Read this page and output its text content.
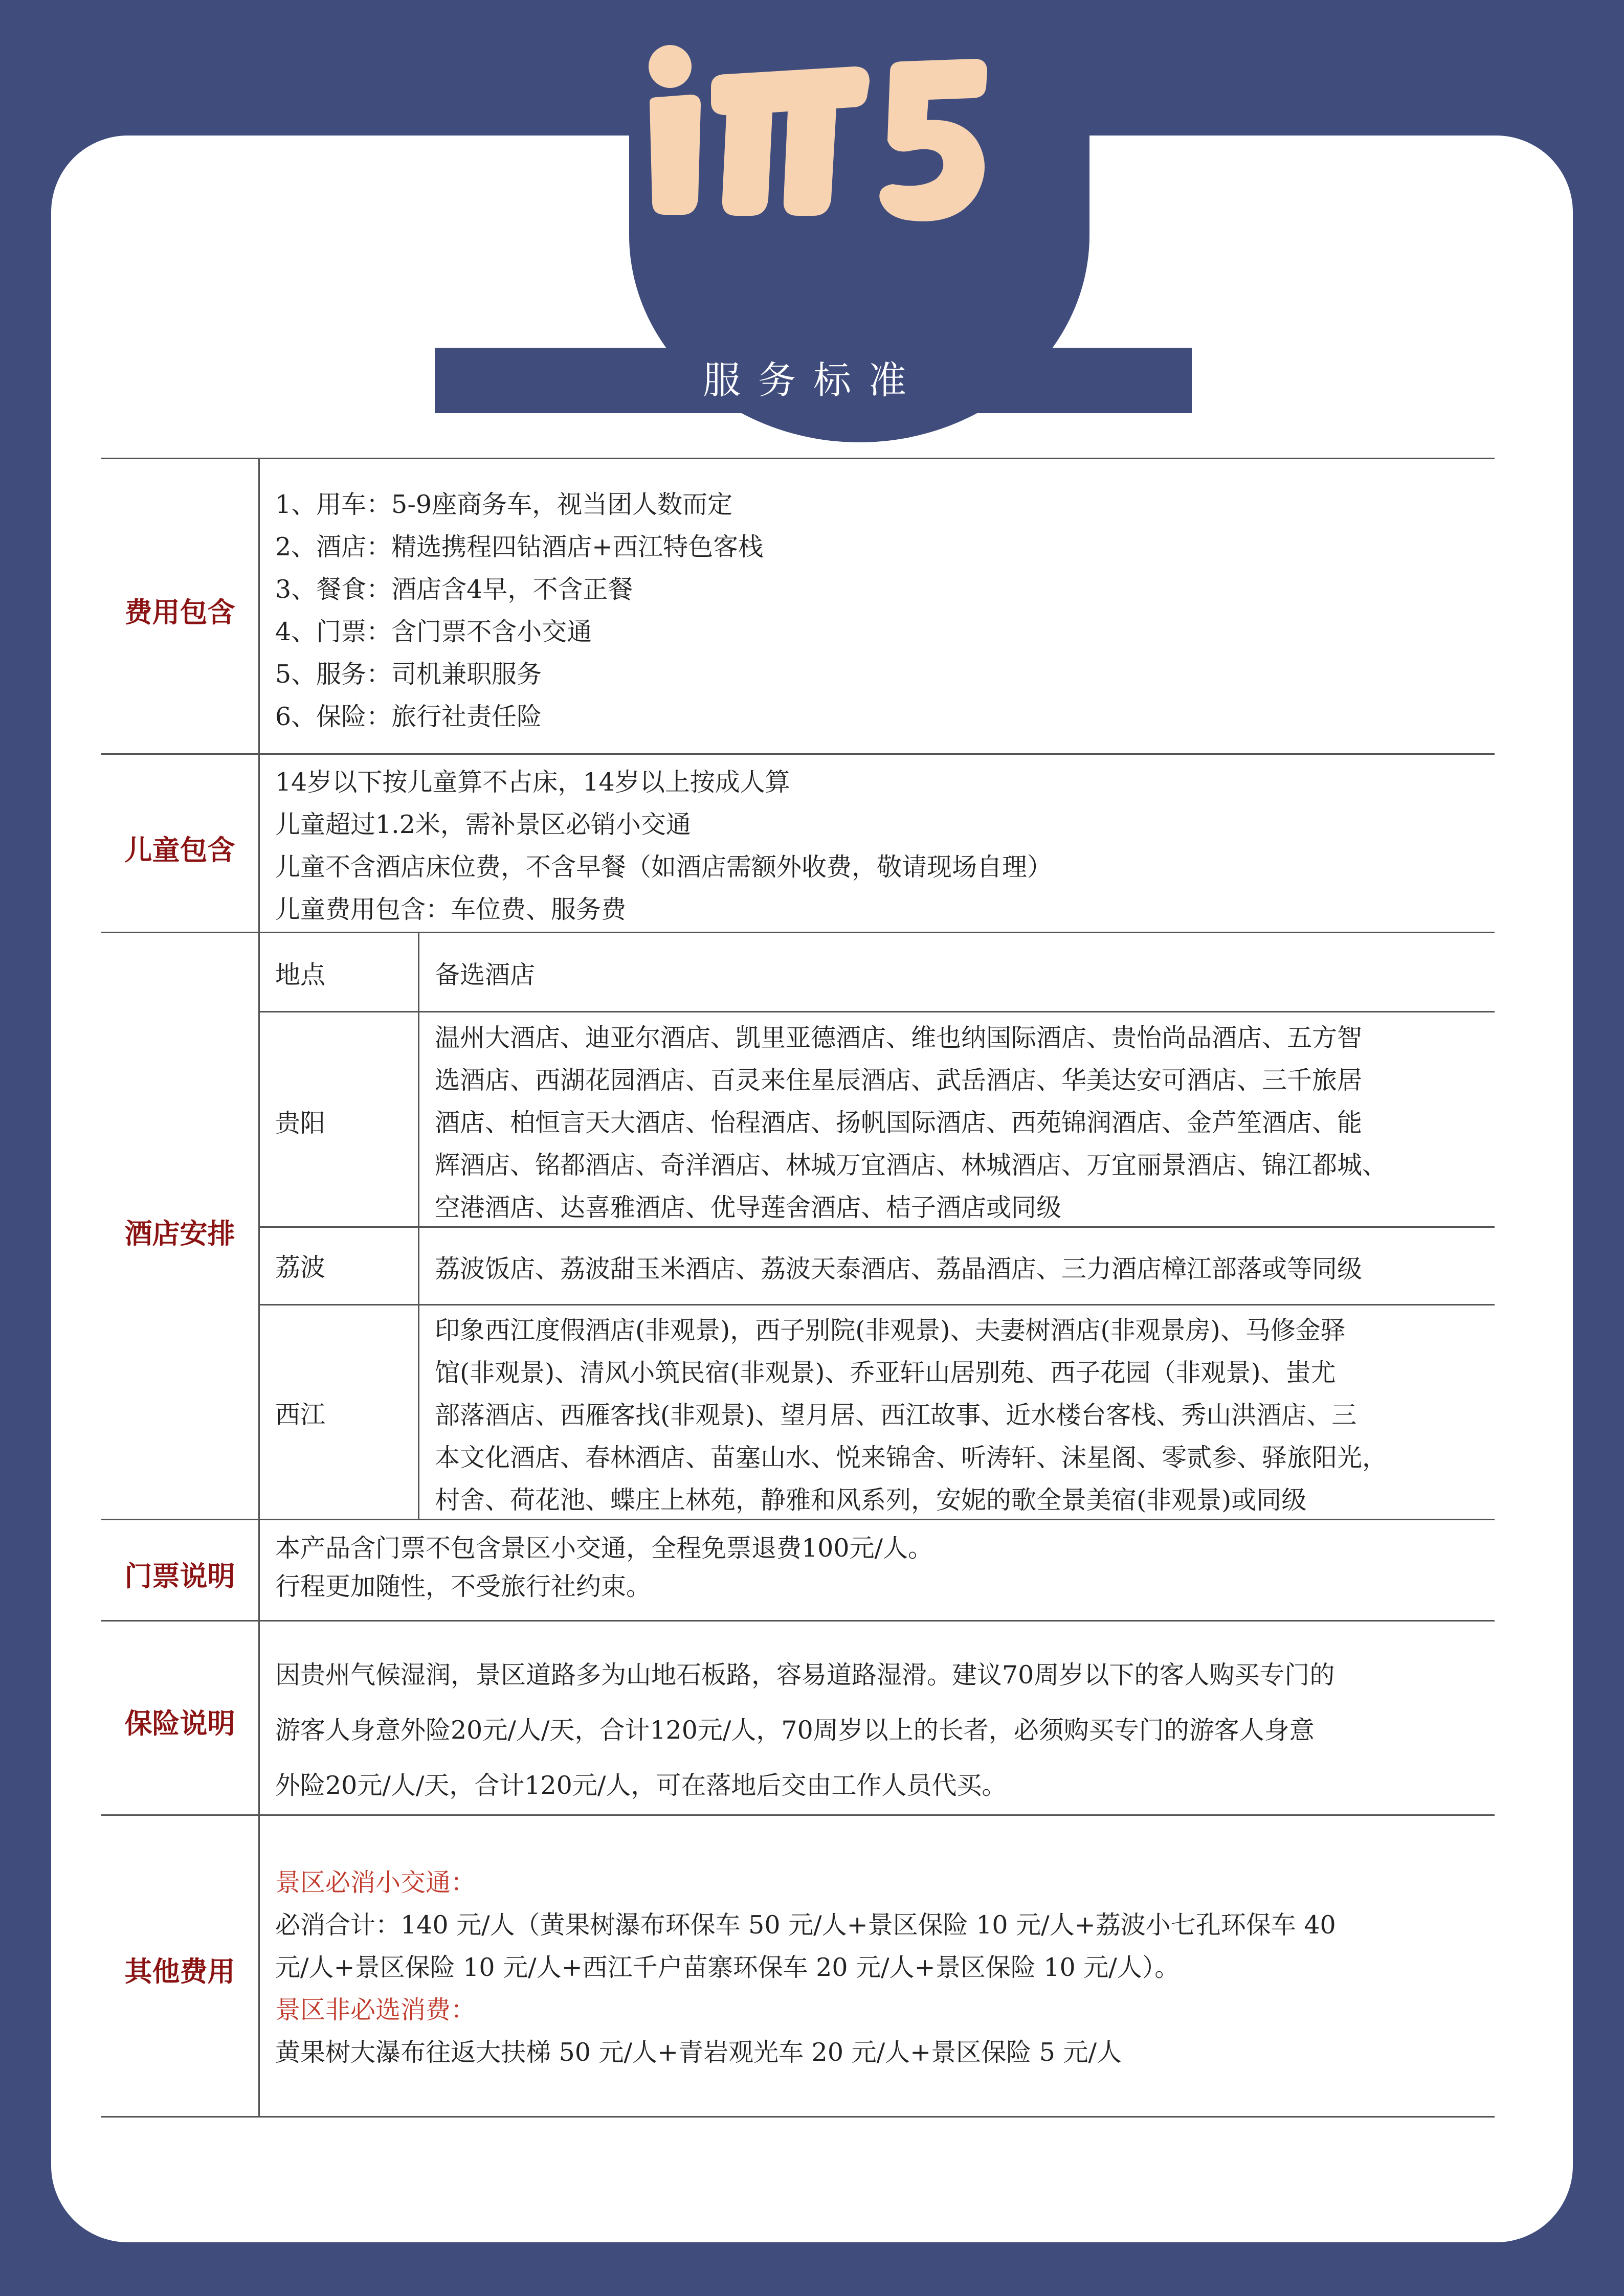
服务标准
费用包含
儿童包含
酒店安排
门票说明
保险说明
其他费用
1、用车：5-9座商务车，视当团人数而定
2、酒店：精选携程四钻酒店+西江特色客栈
3、餐食：酒店含4早，不含正餐
4、门票：含门票不含小交通
5、服务：司机兼职服务
6、保险：旅行社责任险
14岁以下按儿童算不占床，14岁以上按成人算
儿童超过1.2米，需补景区必销小交通
儿童不含酒店床位费，不含早餐（如酒店需额外收费，敬请现场自理）
儿童费用包含：车位费、服务费
地点	备选酒店
贵阳
温州大酒店、迪亚尔酒店、凯里亚德酒店、维也纳国际酒店、贵怡尚品酒店、五方智
选酒店、西湖花园酒店、百灵来住星辰酒店、武岳酒店、华美达安可酒店、三千旅居
酒店、柏恒言天大酒店、怡程酒店、扬帆国际酒店、西苑锦润酒店、金芦笙酒店、能
辉酒店、铭都酒店、奇洋酒店、林城万宜酒店、林城酒店、万宜丽景酒店、锦江都城、
空港酒店、达喜雅酒店、优导莲舍酒店、桔子酒店或同级
荔波	荔波饭店、荔波甜玉米酒店、荔波天泰酒店、荔晶酒店、三力酒店樟江部落或等同级
西江
印象西江度假酒店(非观景)，西子别院(非观景)、夫妻树酒店(非观景房)、马修金驿
馆(非观景)、清风小筑民宿(非观景)、乔亚轩山居别苑、西子花园（非观景)、蚩尤
部落酒店、西雁客找(非观景)、望月居、西江故事、近水楼台客栈、秀山洪酒店、三
本文化酒店、春林酒店、苗塞山水、悦来锦舍、听涛轩、沫星阁、零贰参、驿旅阳光，
村舍、荷花池、蝶庄上林苑，静雅和风系列，安妮的歌全景美宿(非观景)或同级
本产品含门票不包含景区小交通，全程免票退费100元/人。
行程更加随性，不受旅行社约束。
因贵州气候湿润，景区道路多为山地石板路，容易道路湿滑。建议70周岁以下的客人购买专门的
游客人身意外险20元/人/天，合计120元/人，70周岁以上的长者，必须购买专门的游客人身意
外险20元/人/天，合计120元/人，可在落地后交由工作人员代买。
景区必消小交通：
必消合计：140 元/人（黄果树瀑布环保车 50 元/人+景区保险 10 元/人+荔波小七孔环保车 40
元/人+景区保险 10 元/人+西江千户苗寨环保车 20 元/人+景区保险 10 元/人）。
景区非必选消费：
黄果树大瀑布往返大扶梯 50 元/人+青岩观光车 20 元/人+景区保险 5 元/人
